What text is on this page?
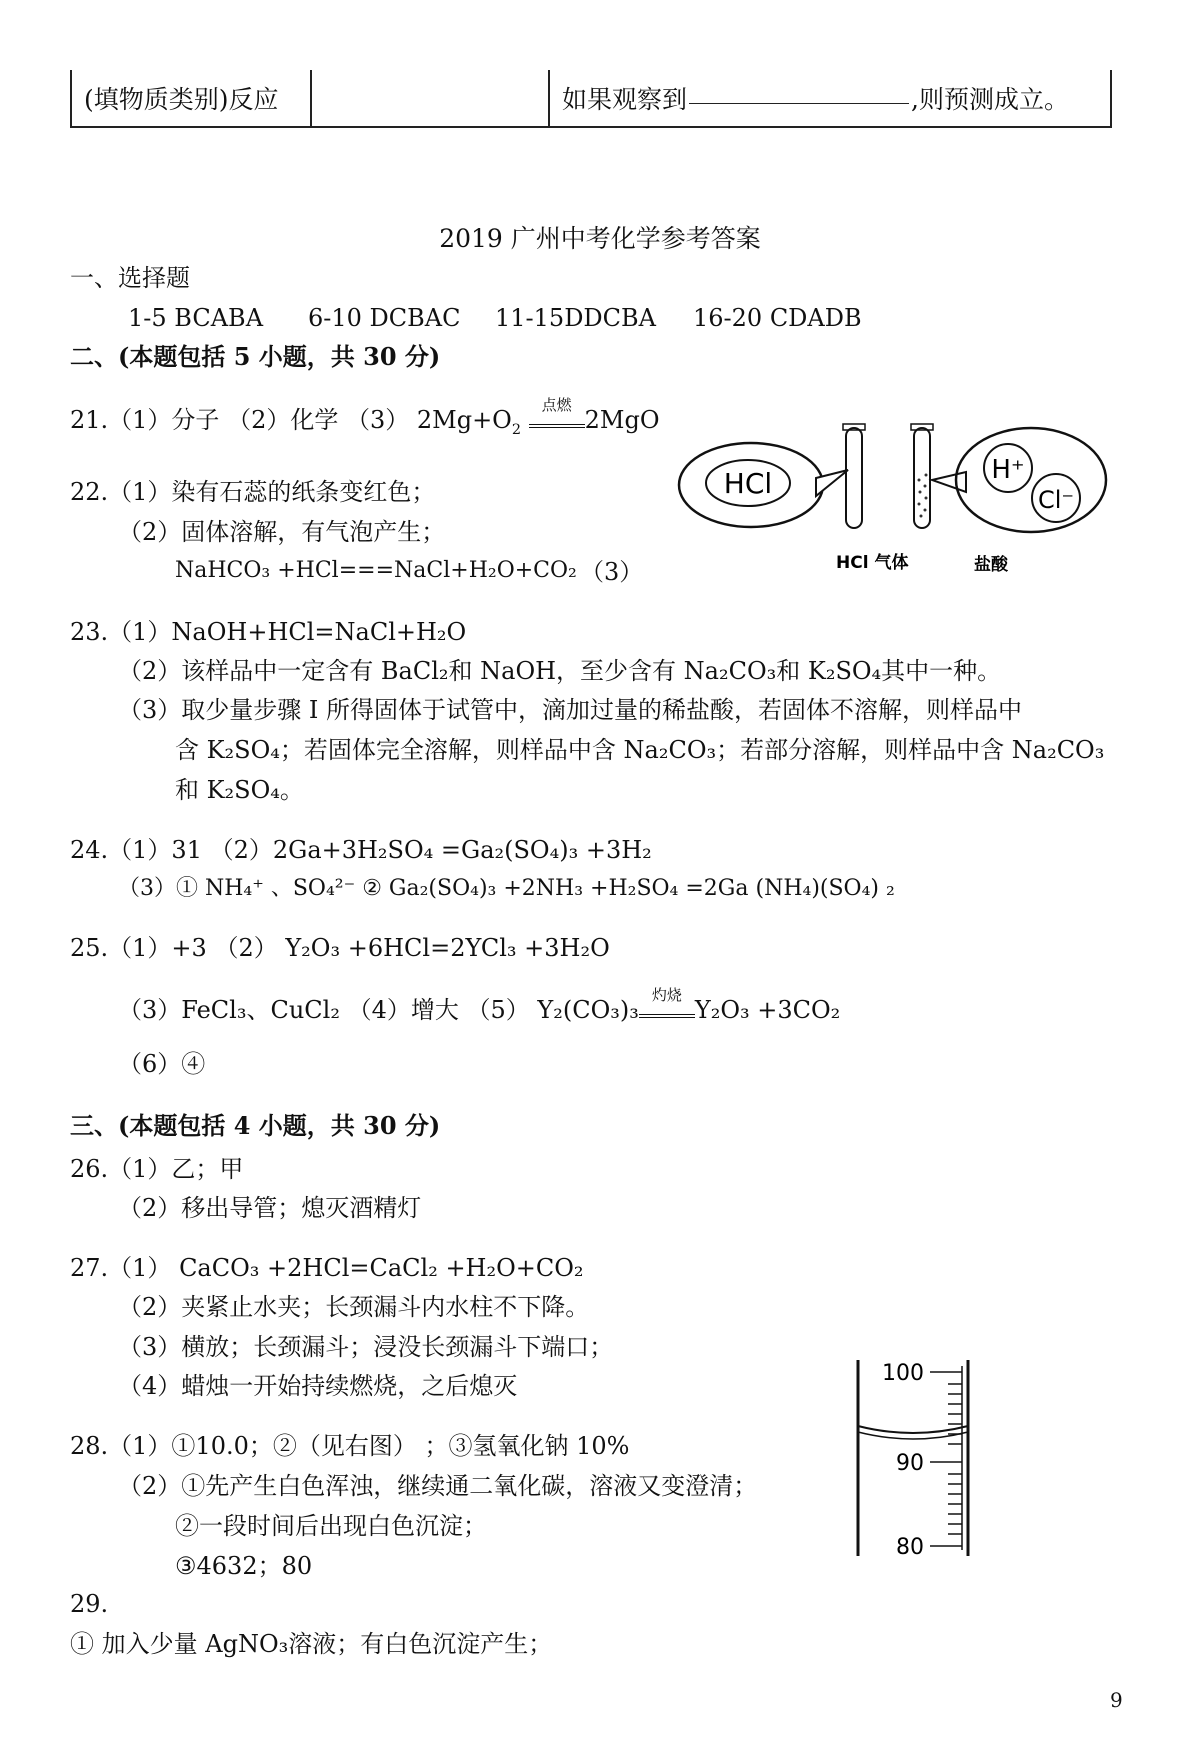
(填物质类别)反应		如果观察到	,则预测成立。
2019 广州中考化学参考答案
一、选择题
1-5 BCABA 6-10 DCBAC 11-15DDCBA 16-20 CDADB
二、(本题包括 5 小题，共 30 分)
21.（1）分子 （2）化学 （3） $2Mg+O_2$
点燃
2MgO
22.（1）染有石蕊的纸条变红色；
（2）固体溶解，有气泡产生；
NaHCO₃ +HCl===NaCl+H₂O+CO₂ （3）
HCl
HCl 气体
H⁺
Cl⁻
盐酸
23.（1）NaOH+HCl=NaCl+H₂O
（2）该样品中一定含有 BaCl₂和 NaOH，至少含有 Na₂CO₃和 K₂SO₄其中一种。
（3）取少量步骤 I 所得固体于试管中，滴加过量的稀盐酸，若固体不溶解，则样品中
含 K₂SO₄；若固体完全溶解，则样品中含 Na₂CO₃；若部分溶解，则样品中含 Na₂CO₃
和 K₂SO₄。
24.（1）31 （2）2Ga+3H₂SO₄ =Ga₂(SO₄)₃ +3H₂
（3）① NH₄⁺ 、SO₄²⁻ ② Ga₂(SO₄)₃ +2NH₃ +H₂SO₄ =2Ga (NH₄)(SO₄) ₂
25.（1）+3 （2） Y₂O₃ +6HCl=2YCl₃ +3H₂O
（3）FeCl₃、CuCl₂ （4）增大 （5） Y₂(CO₃)₃
灼烧
Y₂O₃ +3CO₂
（6）④
三、(本题包括 4 小题，共 30 分)
26.（1）乙；甲
（2）移出导管；熄灭酒精灯
27.（1） CaCO₃ +2HCl=CaCl₂ +H₂O+CO₂
（2）夹紧止水夹；长颈漏斗内水柱不下降。
（3）横放；长颈漏斗；浸没长颈漏斗下端口；
（4）蜡烛一开始持续燃烧，之后熄灭
28.（1）①10.0；②（见右图） ；③氢氧化钠 10%
（2）①先产生白色浑浊，继续通二氧化碳，溶液又变澄清；
②一段时间后出现白色沉淀；
③4632；80
100
90
80
29.
① 加入少量 AgNO₃溶液；有白色沉淀产生；
9
